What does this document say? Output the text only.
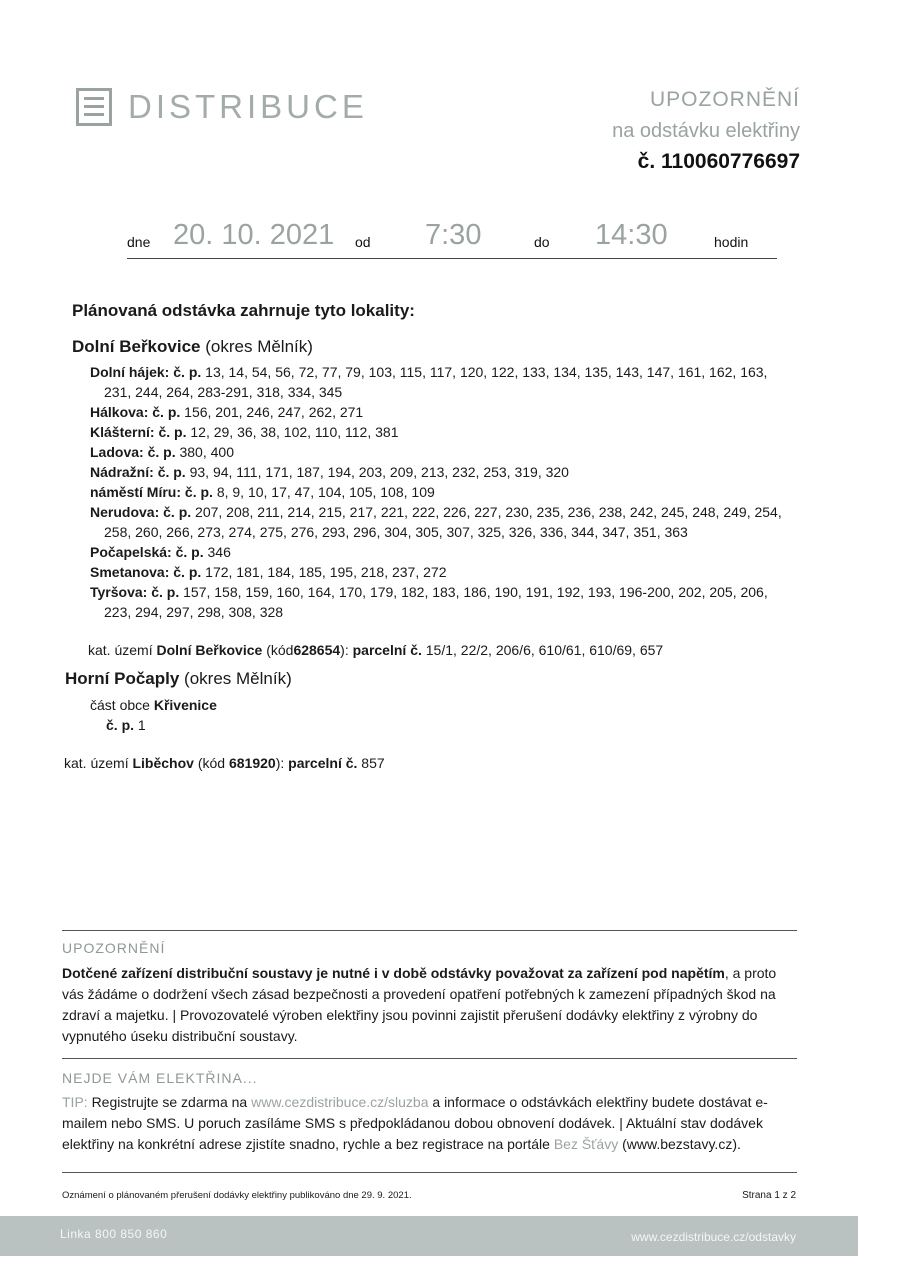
DISTRIBUCE	UPOZORNĚNÍ
na odstávku elektřiny
č. 110060776697
dne 20. 10. 2021 od 7:30	do 14:30	hodin
Plánovaná odstávka zahrnuje tyto lokality:
Dolní Beřkovice (okres Mělník)
Dolní hájek: č. p. 13, 14, 54, 56, 72, 77, 79, 103, 115, 117, 120, 122, 133, 134, 135, 143, 147, 161, 162, 163,
231, 244, 264, 283-291, 318, 334, 345
Hálkova: č. p. 156, 201, 246, 247, 262, 271
Klášterní: č. p. 12, 29, 36, 38, 102, 110, 112, 381
Ladova: č. p. 380, 400
Nádražní: č. p. 93, 94, 111, 171, 187, 194, 203, 209, 213, 232, 253, 319, 320
náměstí Míru: č. p. 8, 9, 10, 17, 47, 104, 105, 108, 109
Nerudova: č. p. 207, 208, 211, 214, 215, 217, 221, 222, 226, 227, 230, 235, 236, 238, 242, 245, 248, 249, 254,
258, 260, 266, 273, 274, 275, 276, 293, 296, 304, 305, 307, 325, 326, 336, 344, 347, 351, 363
Počapelská: č. p. 346
Smetanova: č. p. 172, 181, 184, 185, 195, 218, 237, 272
Tyršova: č. p. 157, 158, 159, 160, 164, 170, 179, 182, 183, 186, 190, 191, 192, 193, 196-200, 202, 205, 206,
223, 294, 297, 298, 308, 328
kat. území Dolní Beřkovice (kód628654): parcelní č. 15/1, 22/2, 206/6, 610/61, 610/69, 657
Horní Počaply (okres Mělník)
část obce Křivenice
č. p. 1
kat. území Liběchov (kód 681920): parcelní č. 857
UPOZORNĚNÍ
Dotčené zařízení distribuční soustavy je nutné i v době odstávky považovat za zařízení pod napětím, a proto vás žádáme o dodržení všech zásad bezpečnosti a provedení opatření potřebných k zamezení případných škod na zdraví a majetku. | Provozovatelé výroben elektřiny jsou povinni zajistit přerušení dodávky elektřiny z výrobny do vypnutého úseku distribuční soustavy.
NEJDE VÁM ELEKTŘINA...
TIP: Registrujte se zdarma na www.cezdistribuce.cz/sluzba a informace o odstávkách elektřiny budete dostávat e-mailem nebo SMS. U poruch zasíláme SMS s předpokládanou dobou obnovení dodávek. | Aktuální stav dodávek elektřiny na konkrétní adrese zjistíte snadno, rychle a bez registrace na portále Bez Šťávy (www.bezstavy.cz).
Oznámení o plánovaném přerušení dodávky elektřiny publikováno dne 29. 9. 2021.	Strana 1 z 2
Linka 800 850 860	www.cezdistribuce.cz/odstavky
